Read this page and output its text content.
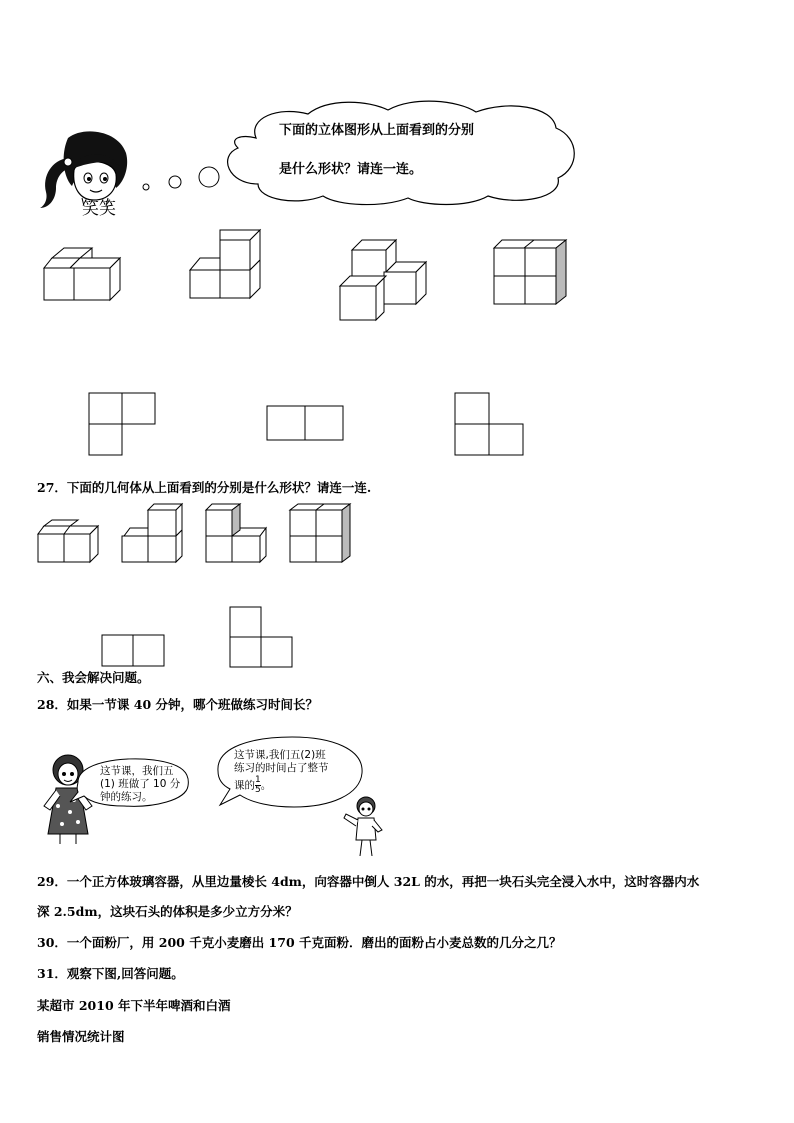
笑笑
下面的立体图形从上面看到的分别
是什么形状？请连一连。
27．下面的几何体从上面看到的分别是什么形状？请连一连.
六、我会解决问题。
28．如果一节课 40 分钟，哪个班做练习时间长？
这节课，我们五
(1) 班做了 10 分
钟的练习。
这节课,我们五(2)班
练习的时间占了整节
课的$\frac{1}{5}$ 。
29．一个正方体玻璃容器，从里边量棱长 4dm，向容器中倒人 32L 的水，再把一块石头完全浸入水中，这时容器内水
深 2.5dm，这块石头的体积是多少立方分米？
30．一个面粉厂，用 200 千克小麦磨出 170 千克面粉．磨出的面粉占小麦总数的几分之几？
31．观察下图,回答问题。
某超市 2010 年下半年啤酒和白酒
销售情况统计图
